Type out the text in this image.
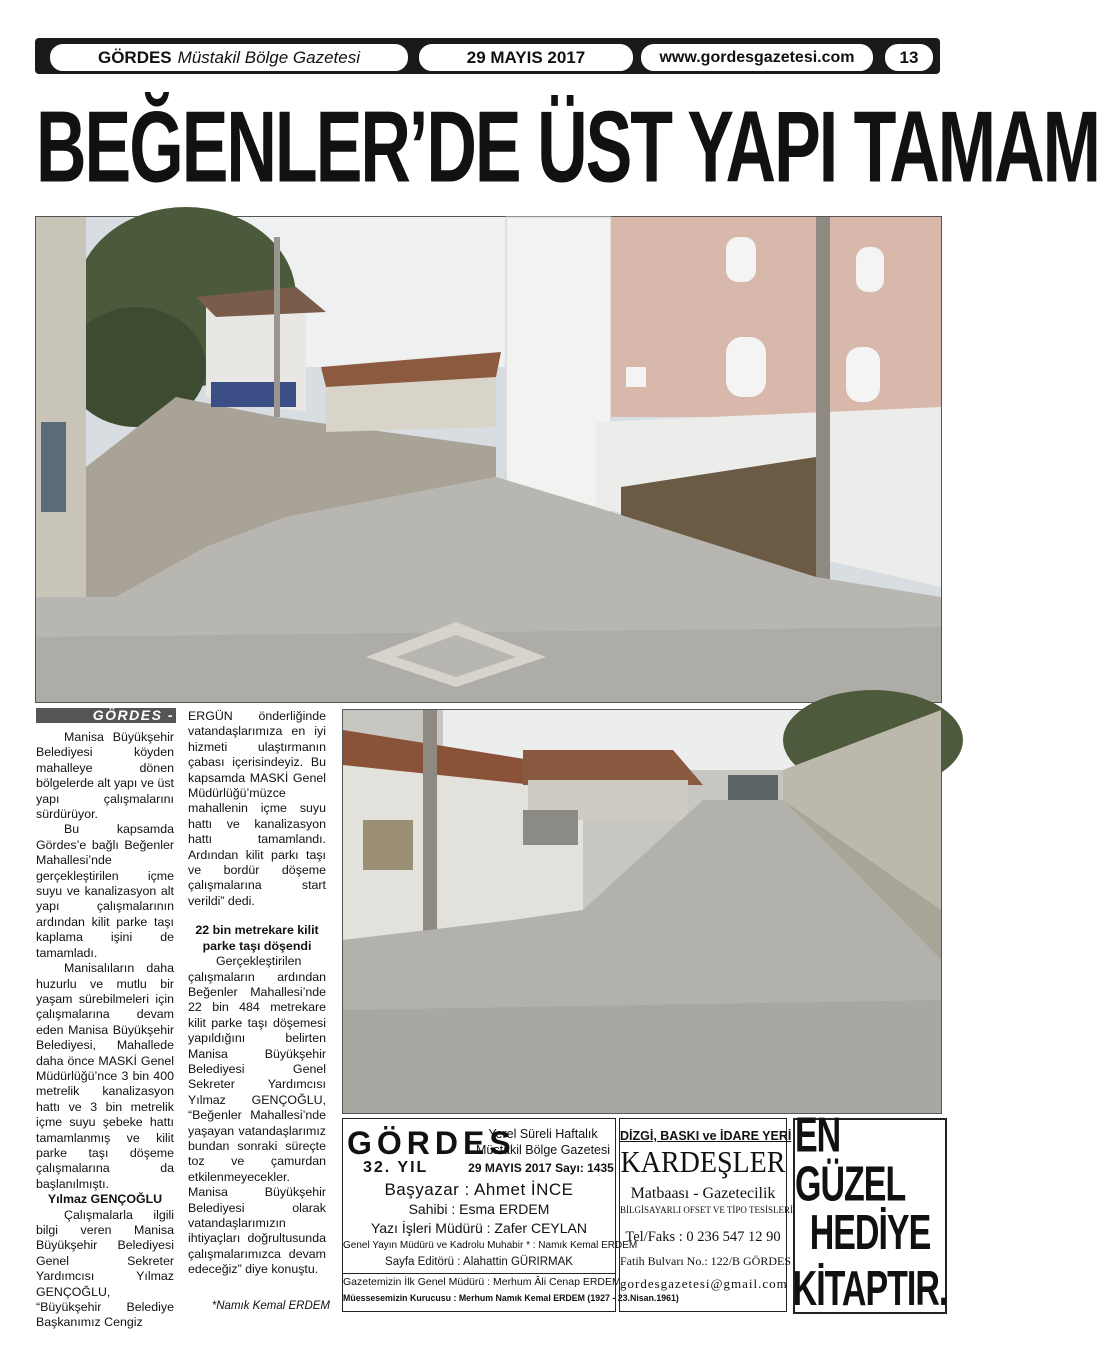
GÖRDES Müstakil Bölge Gazetesi	29 MAYIS 2017	www.gordesgazetesi.com	13
BEĞENLER’DE ÜST YAPI TAMAM
GÖRDES -

Manisa Büyükşehir Belediyesi köyden mahalleye dönen bölgelerde alt yapı ve üst yapı çalışmalarını sürdürüyor.

Bu kapsamda Gördes’e bağlı Beğenler Mahallesi’nde gerçekleştirilen içme suyu ve kanalizasyon alt yapı çalışmalarının ardından kilit parke taşı kaplama işini de tamamladı.

Manisalıların daha huzurlu ve mutlu bir yaşam sürebilmeleri için çalışmalarına devam eden Manisa Büyükşehir Belediyesi, Mahallede daha önce MASKİ Genel Müdürlüğü’nce 3 bin 400 metrelik kanalizasyon hattı ve 3 bin metrelik içme suyu şebeke hattı tamamlanmış ve kilit parke taşı döşeme çalışmalarına da başlanılmıştı.

Yılmaz GENÇOĞLU

Çalışmalarla ilgili bilgi veren Manisa Büyükşehir Belediyesi Genel Sekreter Yardımcısı Yılmaz GENÇOĞLU, “Büyükşehir Belediye Başkanımız Cengiz

ERGÜN önderliğinde vatandaşlarımıza en iyi hizmeti ulaştırmanın çabası içerisindeyiz. Bu kapsamda MASKİ Genel Müdürlüğü’müzce mahallenin içme suyu hattı ve kanalizasyon hattı tamamlandı. Ardından kilit parkı taşı ve bordür döşeme çalışmalarına start verildi” dedi.

22 bin metrekare kilit parke taşı döşendi

Gerçekleştirilen çalışmaların ardından Beğenler Mahallesi’nde 22 bin 484 metrekare kilit parke taşı döşemesi yapıldığını belirten Manisa Büyükşehir Belediyesi Genel Sekreter Yardımcısı Yılmaz GENÇOĞLU, “Beğenler Mahallesi’nde yaşayan vatandaşlarımız bundan sonraki süreçte toz ve çamurdan etkilenmeyecekler. Manisa Büyükşehir Belediyesi olarak vatandaşlarımızın ihtiyaçları doğrultusunda çalışmalarımızca devam edeceğiz” diye konuştu.

*Namık Kemal ERDEM
GÖRDES
32. YIL
Yerel Süreli Haftalık
Müstakil Bölge Gazetesi
29 MAYIS 2017 Sayı: 1435
Başyazar : Ahmet İNCE
Sahibi : Esma ERDEM
Yazı İşleri Müdürü : Zafer CEYLAN
Genel Yayın Müdürü ve Kadrolu Muhabir * : Namık Kemal ERDEM
Sayfa Editörü : Alahattin GÜRIRMAK
Gazetemizin İlk Genel Müdürü : Merhum Âli Cenap ERDEM
Müessesemizin Kurucusu : Merhum Namık Kemal ERDEM (1927 - 23.Nisan.1961)
DİZGİ, BASKI ve İDARE YERİ
KARDEŞLER
Matbaası - Gazetecilik
BİLGİSAYARLI OFSET VE TİPO TESİSLERİ
Tel/Faks : 0 236 547 12 90
Fatih Bulvarı No.: 122/B GÖRDES
gordesgazetesi@gmail.com
EN GÜZEL
HEDİYE
KİTAPTIR.
